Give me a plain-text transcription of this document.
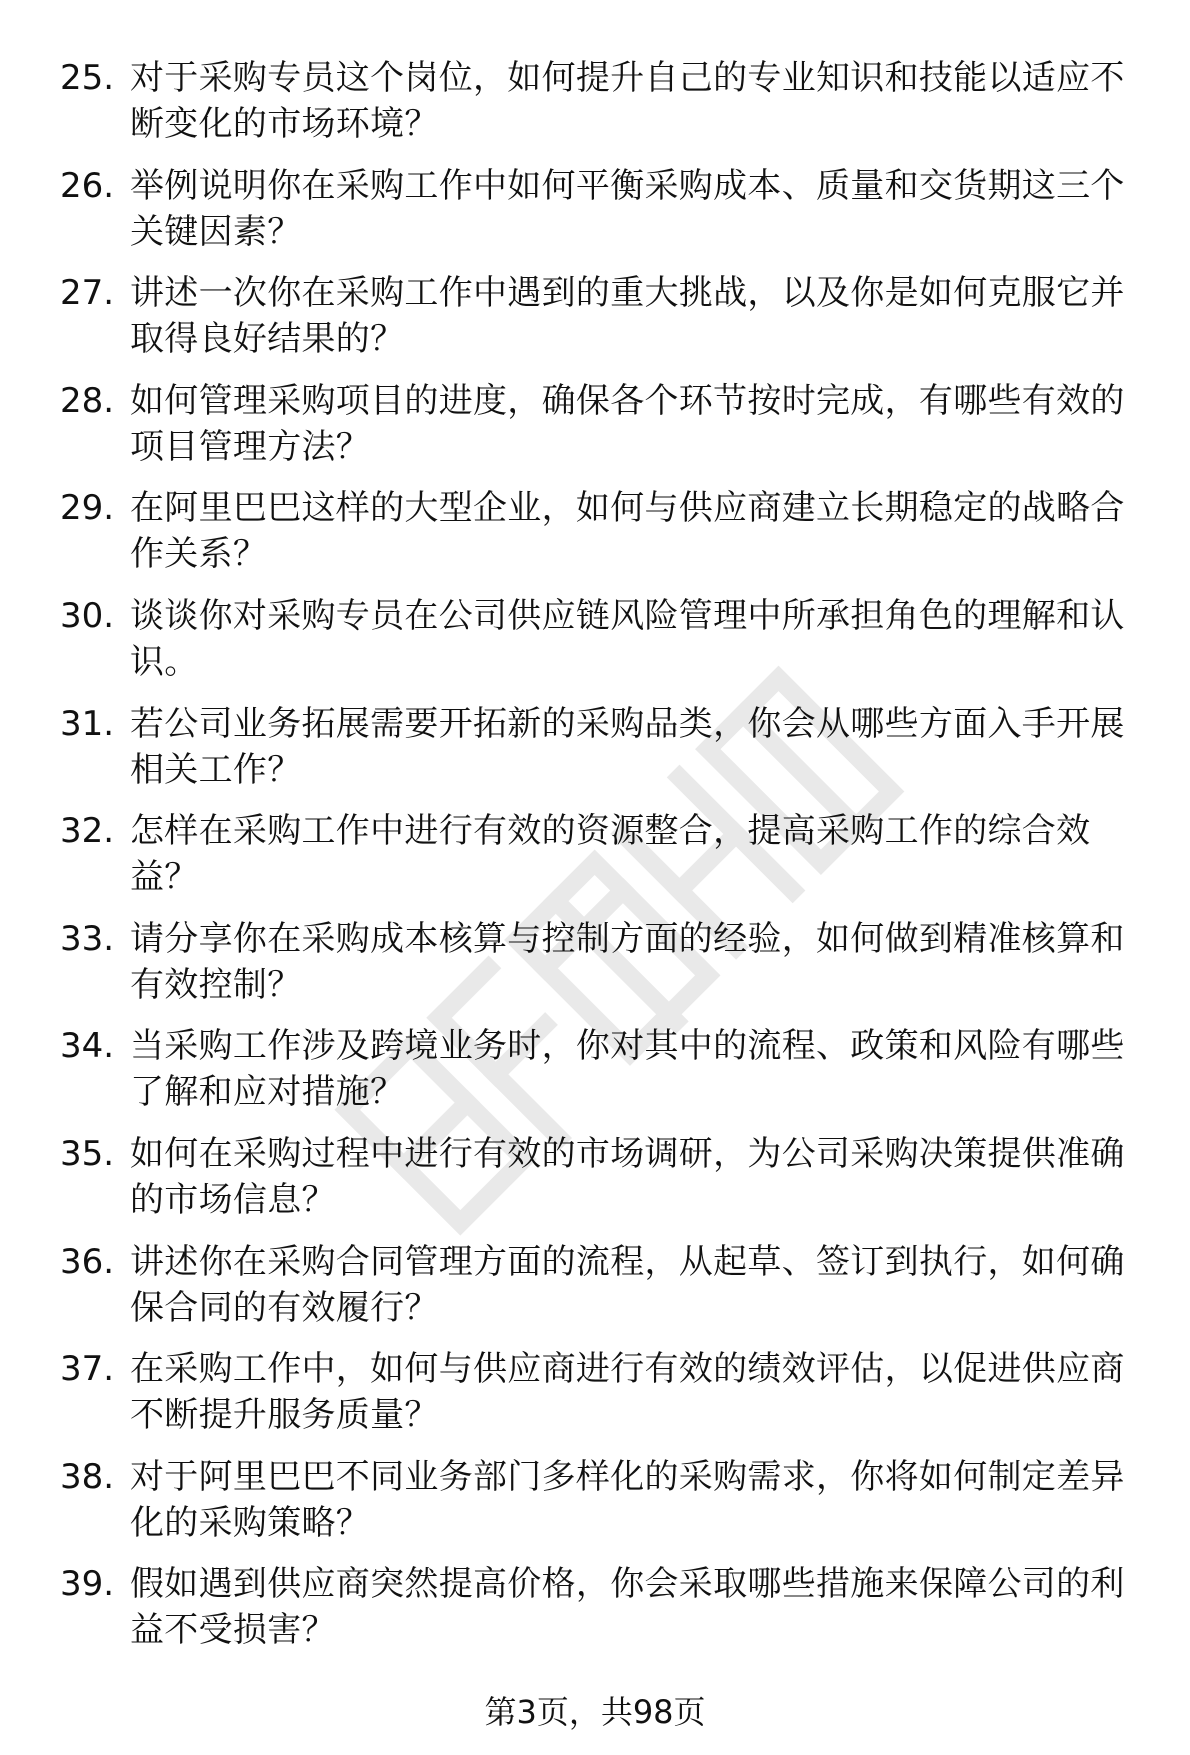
25. 对于采购专员这个岗位，如何提升自己的专业知识和技能以适应不断变化的市场环境？
26. 举例说明你在采购工作中如何平衡采购成本、质量和交货期这三个关键因素？
27. 讲述一次你在采购工作中遇到的重大挑战，以及你是如何克服它并取得良好结果的？
28. 如何管理采购项目的进度，确保各个环节按时完成，有哪些有效的项目管理方法？
29. 在阿里巴巴这样的大型企业，如何与供应商建立长期稳定的战略合作关系？
30. 谈谈你对采购专员在公司供应链风险管理中所承担角色的理解和认识。
31. 若公司业务拓展需要开拓新的采购品类，你会从哪些方面入手开展相关工作？
32. 怎样在采购工作中进行有效的资源整合，提高采购工作的综合效益？
33. 请分享你在采购成本核算与控制方面的经验，如何做到精准核算和有效控制？
34. 当采购工作涉及跨境业务时，你对其中的流程、政策和风险有哪些了解和应对措施？
35. 如何在采购过程中进行有效的市场调研，为公司采购决策提供准确的市场信息？
36. 讲述你在采购合同管理方面的流程，从起草、签订到执行，如何确保合同的有效履行？
37. 在采购工作中，如何与供应商进行有效的绩效评估，以促进供应商不断提升服务质量？
38. 对于阿里巴巴不同业务部门多样化的采购需求，你将如何制定差异化的采购策略？
39. 假如遇到供应商突然提高价格，你会采取哪些措施来保障公司的利益不受损害？
第3页，共98页
